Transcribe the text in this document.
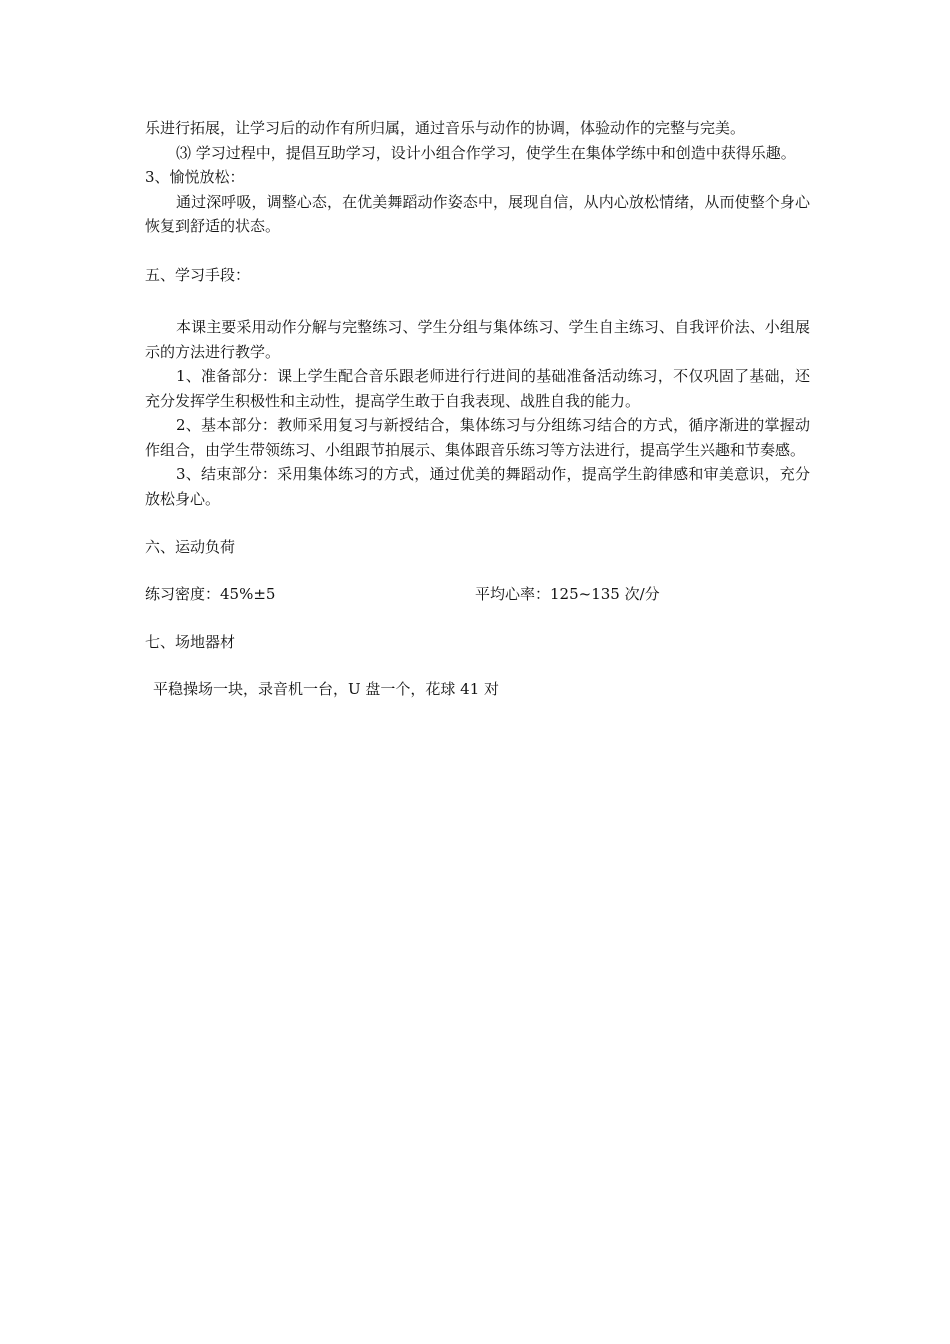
乐进行拓展，让学习后的动作有所归属，通过音乐与动作的协调，体验动作的完整与完美。

⑶ 学习过程中，提倡互助学习，设计小组合作学习，使学生在集体学练中和创造中获得乐趣。

3、愉悦放松：

通过深呼吸，调整心态，在优美舞蹈动作姿态中，展现自信，从内心放松情绪，从而使整个身心恢复到舒适的状态。

五、学习手段：

本课主要采用动作分解与完整练习、学生分组与集体练习、学生自主练习、自我评价法、小组展示的方法进行教学。

1、准备部分：课上学生配合音乐跟老师进行行进间的基础准备活动练习，不仅巩固了基础，还充分发挥学生积极性和主动性，提高学生敢于自我表现、战胜自我的能力。

2、基本部分：教师采用复习与新授结合，集体练习与分组练习结合的方式，循序渐进的掌握动作组合，由学生带领练习、小组跟节拍展示、集体跟音乐练习等方法进行，提高学生兴趣和节奏感。

3、结束部分：采用集体练习的方式，通过优美的舞蹈动作，提高学生韵律感和审美意识，充分放松身心。

六、运动负荷

练习密度：45%±5	平均心率：125~135 次/分

七、场地器材

平稳操场一块，录音机一台，U 盘一个，花球 41 对
